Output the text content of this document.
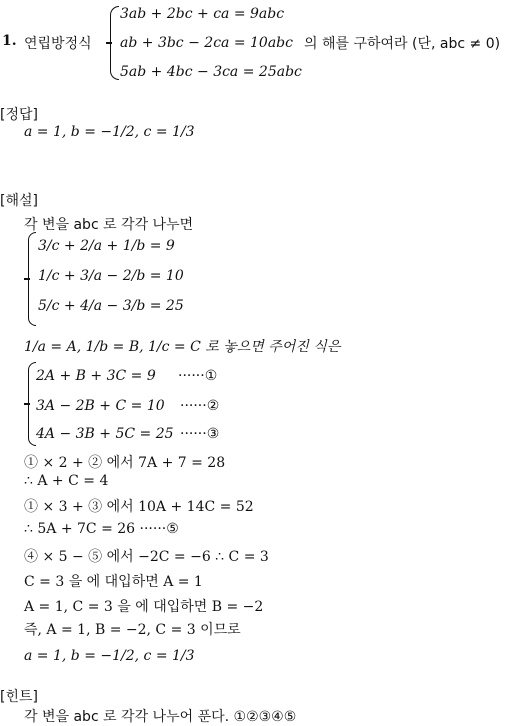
1. 연립방정식
3ab + 2bc + ca = 9abc
ab + 3bc − 2ca = 10abc
5ab + 4bc − 3ca = 25abc
의 해를 구하여라 (단, abc ≠ 0)
[정답]
a = 1, b = −1/2, c = 1/3
[해설]
각 변을 abc 로 각각 나누면
3/c + 2/a + 1/b = 9
1/c + 3/a − 2/b = 10
5/c + 4/a − 3/b = 25
1/a = A, 1/b = B, 1/c = C 로 놓으면 주어진 식은
2A + B + 3C = 9 ······①
3A − 2B + C = 10 ······②
4A − 3B + 5C = 25 ······③
① × 2 + ② 에서 7A + 7 = 28
∴ A + C = 4
① × 3 + ③ 에서 10A + 14C = 52
∴ 5A + 7C = 26 ······⑤
④ × 5 − ⑤ 에서 −2C = −6 ∴ C = 3
C = 3 을 에 대입하면 A = 1
A = 1, C = 3 을 에 대입하면 B = −2
즉, A = 1, B = −2, C = 3 이므로
a = 1, b = −1/2, c = 1/3
[힌트]
각 변을 abc 로 각각 나누어 푼다. ①②③④⑤
